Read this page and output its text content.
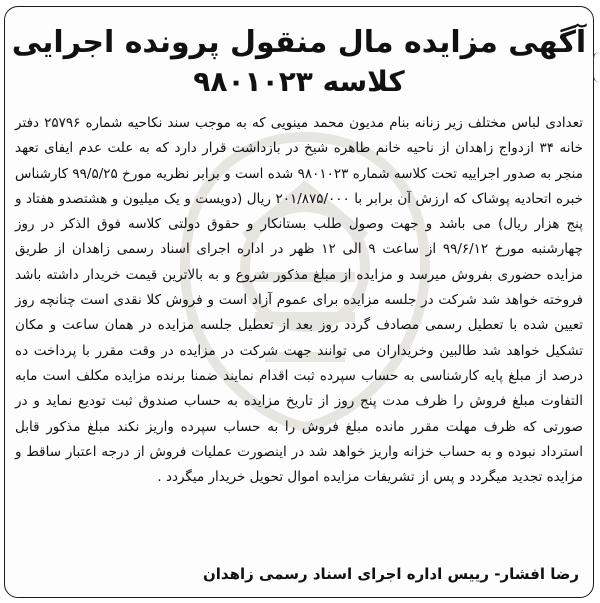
آگهی مزایده مال منقول پرونده اجرایی
کلاسه ۹۸۰۱۰۲۳

تعدادی لباس مختلف زیر زنانه بنام مدیون محمد مینویی که به موجب سند نکاحیه شماره ۲۵۷۹۶ دفتر خانه ۳۴ ازدواج زاهدان از ناحیه خانم طاهره شیخ در بازداشت قرار دارد که به علت عدم ایفای تعهد منجر به صدور اجراییه تحت کلاسه شماره ۹۸۰۱۰۲۳ شده است و برابر نظریه مورخ ۹۹/۵/۲۵ کارشناس خبره اتحادیه پوشاک که ارزش آن برابر با ۲۰۱/۸۷۵/۰۰۰ ریال (دویست و یک میلیون و هشتصدو هفتاد و پنج هزار ریال) می باشد و جهت وصول طلب بستانکار و حقوق دولتی کلاسه فوق الذکر در روز چهارشنبه مورخ ۹۹/۶/۱۲ از ساعت ۹ الی ۱۲ ظهر در اداره اجرای اسناد رسمی زاهدان از طریق مزایده حضوری بفروش میرسد و مزایده از مبلغ مذکور شروع و به بالاترین قیمت خریدار داشته باشد فروخته خواهد شد شرکت در جلسه مزایده برای عموم آزاد است و فروش کلا نقدی است چنانچه روز تعیین شده با تعطیل رسمی مصادف گردد روز بعد از تعطیل جلسه مزایده در همان ساعت و مکان تشکیل خواهد شد طالبین وخریداران می توانند جهت شرکت در مزایده در وقت مقرر با پرداخت ده درصد از مبلغ پایه کارشناسی به حساب سپرده ثبت اقدام نمایند ضمنا برنده مزایده مکلف است مابه التفاوت مبلغ فروش را ظرف مدت پنج روز از تاریخ مزایده به حساب صندوق ثبت تودیع نماید و در صورتی که ظرف مهلت مقرر مانده مبلغ فروش را به حساب سپرده واریز نکند مبلغ مذکور قابل استرداد نبوده و به حساب خزانه واریز خواهد شد در اینصورت عملیات فروش از درجه اعتبار ساقط و مزایده تجدید میگردد و پس از تشریفات مزایده اموال تحویل خریدار میگردد .

رضا افشار- رییس اداره اجرای اسناد رسمی زاهدان
